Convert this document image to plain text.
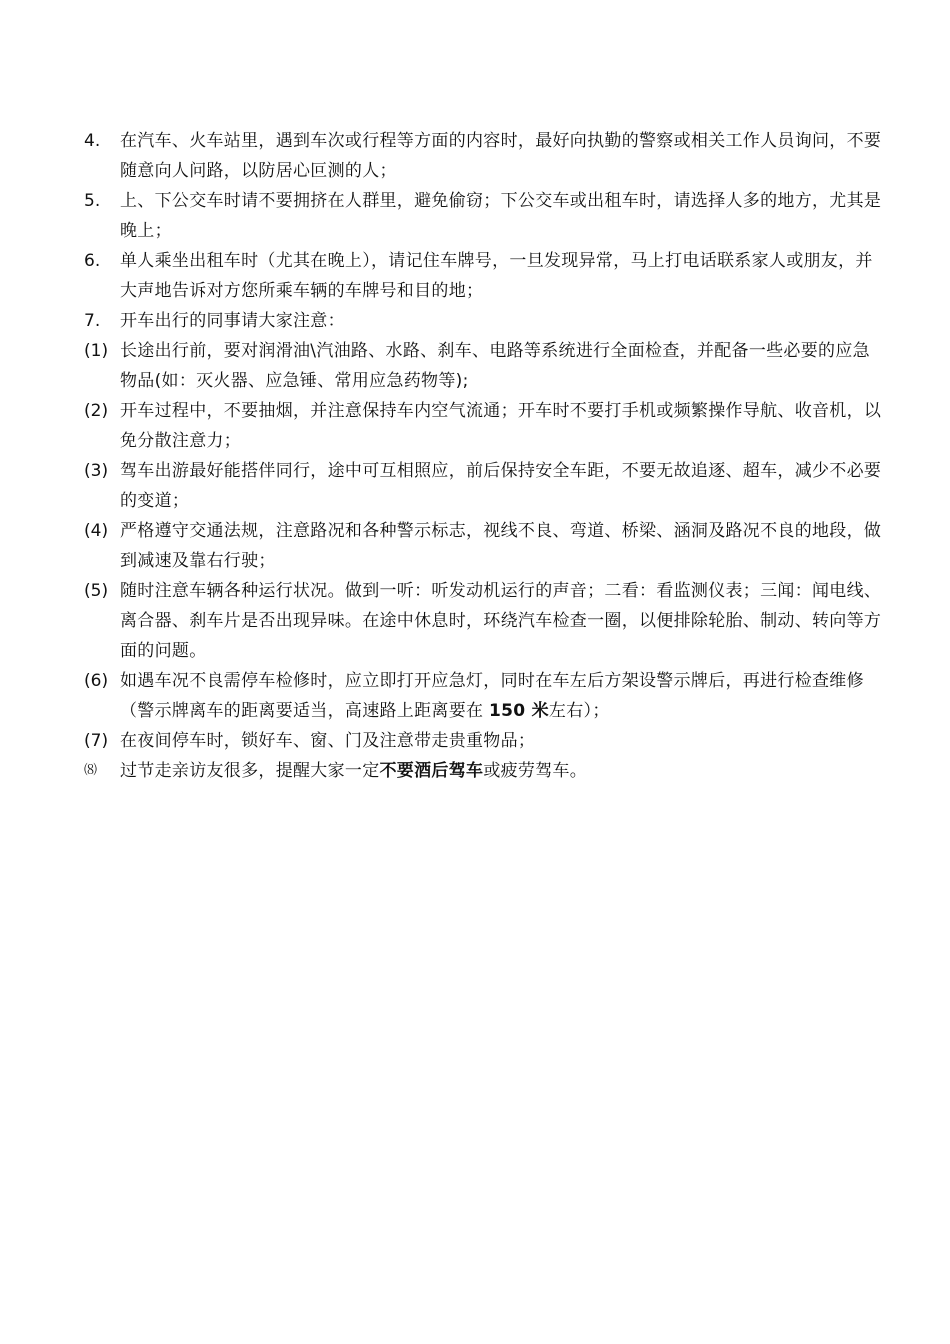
4.	在汽车、火车站里，遇到车次或行程等方面的内容时，最好向执勤的警察或相关工作人员询问，不要随意向人问路，以防居心叵测的人；
5.	上、下公交车时请不要拥挤在人群里，避免偷窃；下公交车或出租车时，请选择人多的地方，尤其是晚上；
6.	单人乘坐出租车时（尤其在晚上），请记住车牌号，一旦发现异常，马上打电话联系家人或朋友，并大声地告诉对方您所乘车辆的车牌号和目的地；
7.	开车出行的同事请大家注意：
(1) 长途出行前，要对润滑油\汽油路、水路、刹车、电路等系统进行全面检查，并配备一些必要的应急物品(如：灭火器、应急锤、常用应急药物等);
(2) 开车过程中，不要抽烟，并注意保持车内空气流通；开车时不要打手机或频繁操作导航、收音机，以免分散注意力；
(3) 驾车出游最好能搭伴同行，途中可互相照应，前后保持安全车距，不要无故追逐、超车，减少不必要的变道；
(4) 严格遵守交通法规，注意路况和各种警示标志，视线不良、弯道、桥梁、涵洞及路况不良的地段，做到减速及靠右行驶；
(5) 随时注意车辆各种运行状况。做到一听：听发动机运行的声音；二看：看监测仪表；三闻：闻电线、离合器、刹车片是否出现异味。在途中休息时，环绕汽车检查一圈，以便排除轮胎、制动、转向等方面的问题。
(6) 如遇车况不良需停车检修时，应立即打开应急灯，同时在车左后方架设警示牌后，再进行检查维修（警示牌离车的距离要适当，高速路上距离要在 150 米左右）；
(7) 在夜间停车时，锁好车、窗、门及注意带走贵重物品；
⑻	过节走亲访友很多，提醒大家一定不要酒后驾车或疲劳驾车。
